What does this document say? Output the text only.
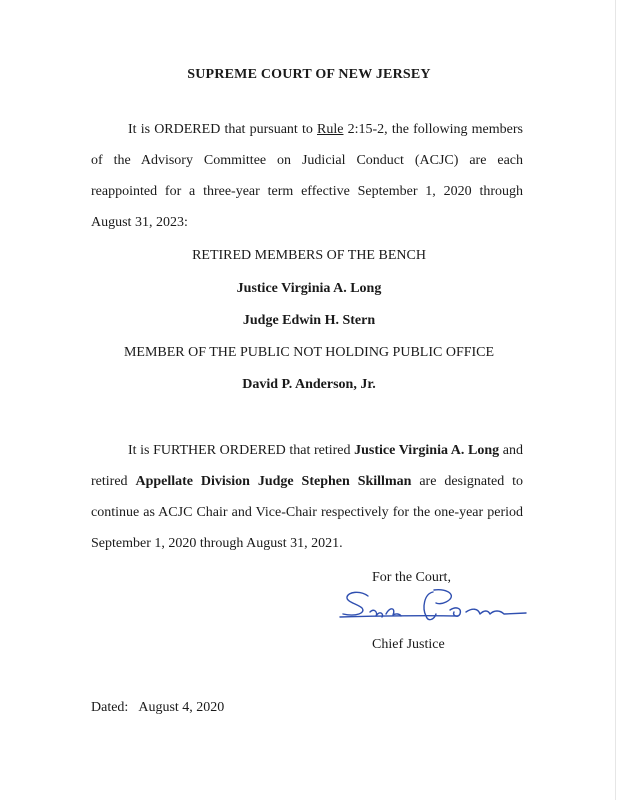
SUPREME COURT OF NEW JERSEY

It is ORDERED that pursuant to Rule 2:15-2, the following members of the Advisory Committee on Judicial Conduct (ACJC) are each reappointed for a three-year term effective September 1, 2020 through August 31, 2023:

RETIRED MEMBERS OF THE BENCH
Justice Virginia A. Long
Judge Edwin H. Stern
MEMBER OF THE PUBLIC NOT HOLDING PUBLIC OFFICE
David P. Anderson, Jr.

It is FURTHER ORDERED that retired Justice Virginia A. Long and retired Appellate Division Judge Stephen Skillman are designated to continue as ACJC Chair and Vice-Chair respectively for the one-year period September 1, 2020 through August 31, 2021.

For the Court,
Chief Justice
Dated: August 4, 2020
